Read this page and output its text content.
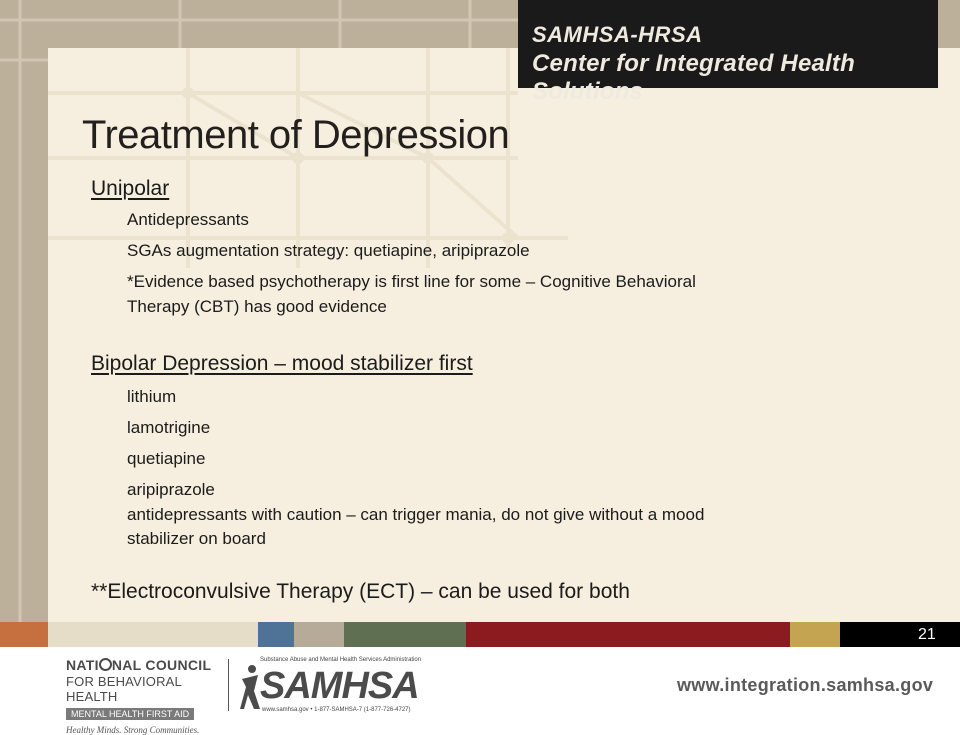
SAMHSA-HRSA
Center for Integrated Health Solutions
Treatment of Depression
Unipolar
Antidepressants
SGAs augmentation strategy: quetiapine, aripiprazole
*Evidence based psychotherapy is first line for some – Cognitive Behavioral
Therapy (CBT) has good evidence
Bipolar Depression – mood stabilizer first
lithium
lamotrigine
quetiapine
aripiprazole
antidepressants with caution – can trigger mania, do not give without a mood
stabilizer on board
**Electroconvulsive Therapy (ECT) – can be used for both
21
NATI NAL COUNCIL
FOR BEHAVIORAL HEALTH
MENTAL HEALTH FIRST AID
Healthy Minds. Strong Communities.
Substance Abuse and Mental Health Services Administration
SAMHSA
www.samhsa.gov • 1-877-SAMHSA-7 (1-877-726-4727)
www.integration.samhsa.gov
